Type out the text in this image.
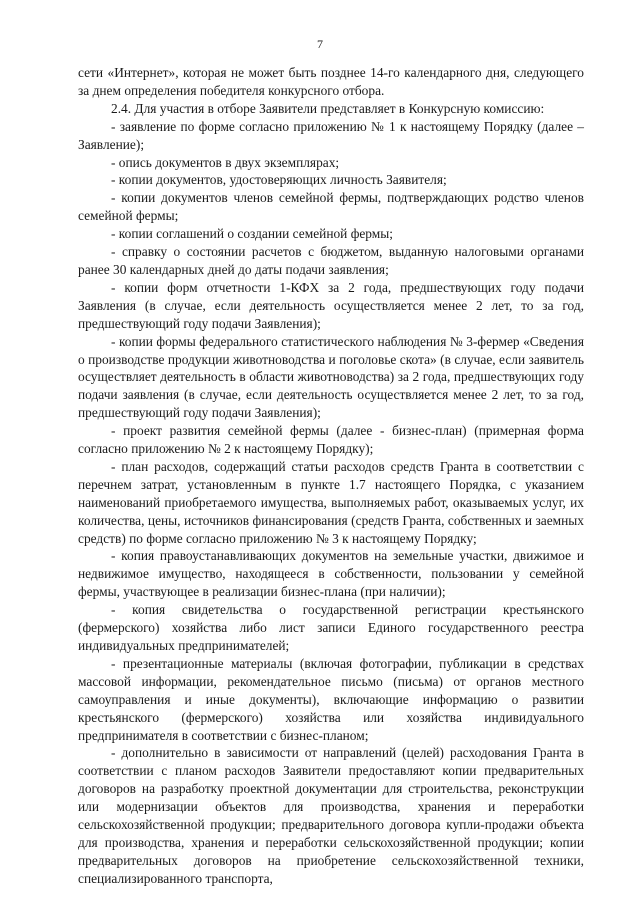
7

сети «Интернет», которая не может быть позднее 14-го календарного дня, следующего за днем определения победителя конкурсного отбора.

2.4. Для участия в отборе Заявители представляет в Конкурсную комиссию:

- заявление по форме согласно приложению № 1 к настоящему Порядку (далее – Заявление);

- опись документов в двух экземплярах;

- копии документов, удостоверяющих личность Заявителя;

- копии документов членов семейной фермы, подтверждающих родство членов семейной фермы;

- копии соглашений о создании семейной фермы;

- справку о состоянии расчетов с бюджетом, выданную налоговыми органами ранее 30 календарных дней до даты подачи заявления;

- копии форм отчетности 1-КФХ за 2 года, предшествующих году подачи Заявления (в случае, если деятельность осуществляется менее 2 лет, то за год, предшествующий году подачи Заявления);

- копии формы федерального статистического наблюдения № 3-фермер «Сведения о производстве продукции животноводства и поголовье скота» (в случае, если заявитель осуществляет деятельность в области животноводства) за 2 года, предшествующих году подачи заявления (в случае, если деятельность осуществляется менее 2 лет, то за год, предшествующий году подачи Заявления);

- проект развития семейной фермы (далее - бизнес-план) (примерная форма согласно приложению № 2 к настоящему Порядку);

- план расходов, содержащий статьи расходов средств Гранта в соответствии с перечнем затрат, установленным в пункте 1.7 настоящего Порядка, с указанием наименований приобретаемого имущества, выполняемых работ, оказываемых услуг, их количества, цены, источников финансирования (средств Гранта, собственных и заемных средств) по форме согласно приложению № 3 к настоящему Порядку;

- копия правоустанавливающих документов на земельные участки, движимое и недвижимое имущество, находящееся в собственности, пользовании у семейной фермы, участвующее в реализации бизнес-плана (при наличии);

- копия свидетельства о государственной регистрации крестьянского (фермерского) хозяйства либо лист записи Единого государственного реестра индивидуальных предпринимателей;

- презентационные материалы (включая фотографии, публикации в средствах массовой информации, рекомендательное письмо (письма) от органов местного самоуправления и иные документы), включающие информацию о развитии крестьянского (фермерского) хозяйства или хозяйства индивидуального предпринимателя в соответствии с бизнес-планом;

- дополнительно в зависимости от направлений (целей) расходования Гранта в соответствии с планом расходов Заявители предоставляют копии предварительных договоров на разработку проектной документации для строительства, реконструкции или модернизации объектов для производства, хранения и переработки сельскохозяйственной продукции; предварительного договора купли-продажи объекта для производства, хранения и переработки сельскохозяйственной продукции; копии предварительных договоров на приобретение сельскохозяйственной техники, специализированного транспорта,
